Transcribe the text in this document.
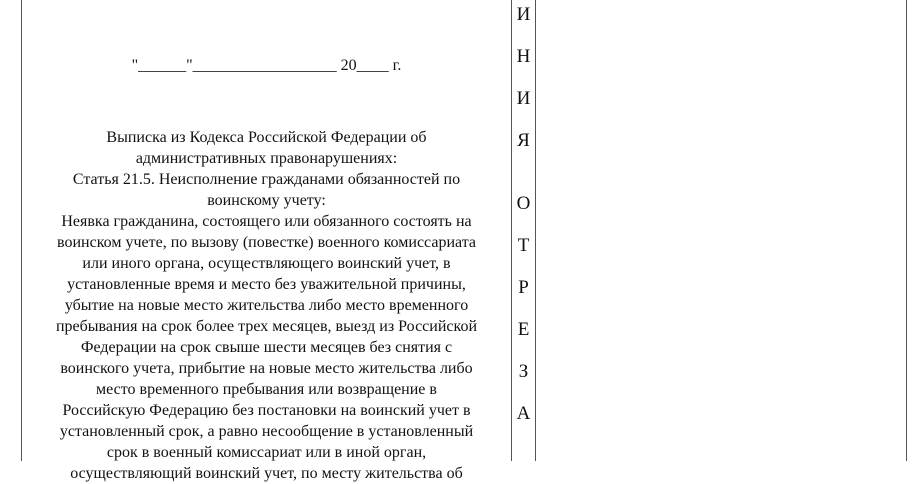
"______"__________________ 20____ г.
Выписка из Кодекса Российской Федерации об
административных правонарушениях:
Статья 21.5. Неисполнение гражданами обязанностей по
воинскому учету:
Неявка гражданина, состоящего или обязанного состоять на
воинском учете, по вызову (повестке) военного комиссариата
или иного органа, осуществляющего воинский учет, в
установленные время и место без уважительной причины,
убытие на новые место жительства либо место временного
пребывания на срок более трех месяцев, выезд из Российской
Федерации на срок свыше шести месяцев без снятия с
воинского учета, прибытие на новые место жительства либо
место временного пребывания или возвращение в
Российскую Федерацию без постановки на воинский учет в
установленный срок, а равно несообщение в установленный
срок в военный комиссариат или в иной орган,
осуществляющий воинский учет, по месту жительства об
И
Н
И
Я
О
Т
Р
Е
З
А
